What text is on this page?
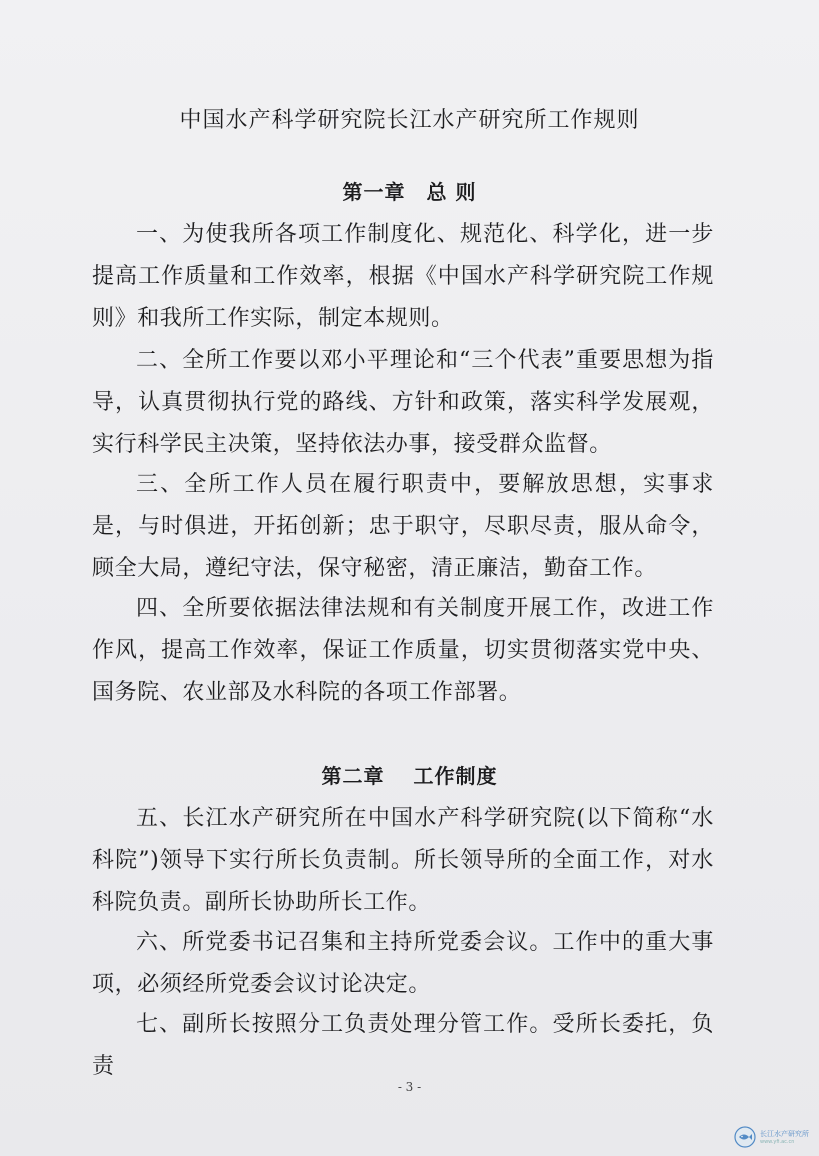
中国水产科学研究院长江水产研究所工作规则
第一章　总 则

一、为使我所各项工作制度化、规范化、科学化，进一步提高工作质量和工作效率，根据《中国水产科学研究院工作规则》和我所工作实际，制定本规则。

二、全所工作要以邓小平理论和“三个代表”重要思想为指导，认真贯彻执行党的路线、方针和政策，落实科学发展观，实行科学民主决策，坚持依法办事，接受群众监督。

三、全所工作人员在履行职责中，要解放思想，实事求是，与时俱进，开拓创新；忠于职守，尽职尽责，服从命令，顾全大局，遵纪守法，保守秘密，清正廉洁，勤奋工作。

四、全所要依据法律法规和有关制度开展工作，改进工作作风，提高工作效率，保证工作质量，切实贯彻落实党中央、国务院、农业部及水科院的各项工作部署。

第二章　 工作制度

五、长江水产研究所在中国水产科学研究院(以下简称“水科院”)领导下实行所长负责制。所长领导所的全面工作，对水科院负责。副所长协助所长工作。

六、所党委书记召集和主持所党委会议。工作中的重大事项，必须经所党委会议讨论决定。

七、副所长按照分工负责处理分管工作。受所长委托，负责

- 3 -
长江水产研究所
www.yfi.ac.cn
